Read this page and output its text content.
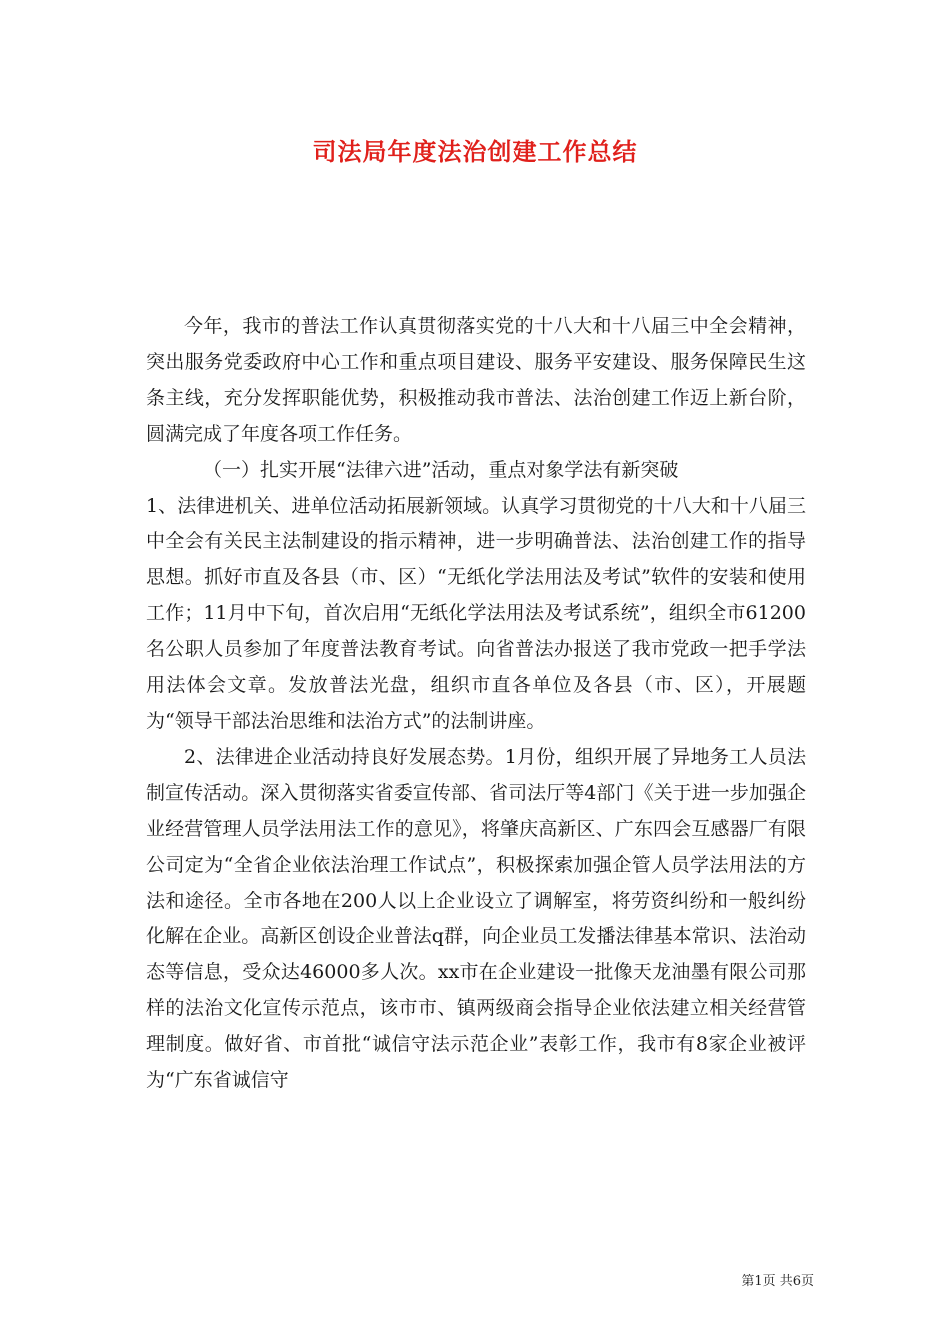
司法局年度法治创建工作总结

今年，我市的普法工作认真贯彻落实党的十八大和十八届三中全会精神，突出服务党委政府中心工作和重点项目建设、服务平安建设、服务保障民生这条主线，充分发挥职能优势，积极推动我市普法、法治创建工作迈上新台阶，圆满完成了年度各项工作任务。

（一）扎实开展“法律六进”活动，重点对象学法有新突破

1、法律进机关、进单位活动拓展新领域。认真学习贯彻党的十八大和十八届三中全会有关民主法制建设的指示精神，进一步明确普法、法治创建工作的指导思想。抓好市直及各县（市、区）“无纸化学法用法及考试”软件的安装和使用工作；11月中下旬，首次启用“无纸化学法用法及考试系统”，组织全市61200名公职人员参加了年度普法教育考试。向省普法办报送了我市党政一把手学法用法体会文章。发放普法光盘，组织市直各单位及各县（市、区），开展题为“领导干部法治思维和法治方式”的法制讲座。

2、法律进企业活动持良好发展态势。1月份，组织开展了异地务工人员法制宣传活动。深入贯彻落实省委宣传部、省司法厅等4部门《关于进一步加强企业经营管理人员学法用法工作的意见》，将肇庆高新区、广东四会互感器厂有限公司定为“全省企业依法治理工作试点”，积极探索加强企管人员学法用法的方法和途径。全市各地在200人以上企业设立了调解室，将劳资纠纷和一般纠纷化解在企业。高新区创设企业普法q群，向企业员工发播法律基本常识、法治动态等信息，受众达46000多人次。xx市在企业建设一批像天龙油墨有限公司那样的法治文化宣传示范点，该市市、镇两级商会指导企业依法建立相关经营管理制度。做好省、市首批“诚信守法示范企业”表彰工作，我市有8家企业被评为“广东省诚信守

第1页 共6页
